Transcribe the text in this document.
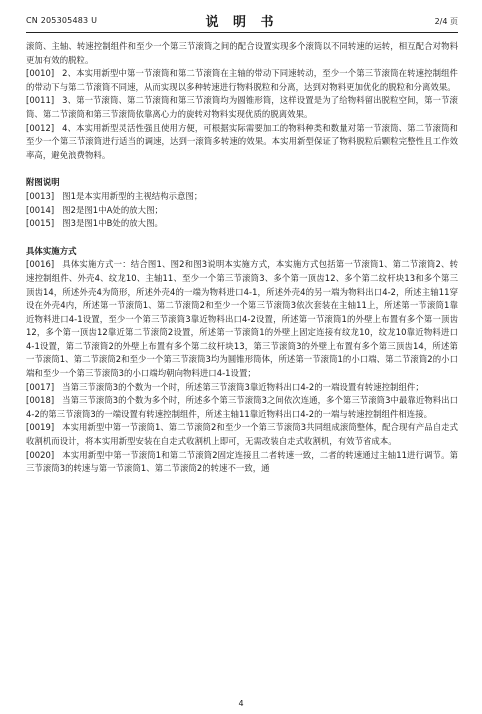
CN 205305483 U	说 明 书	2/4 页

滚筒、主轴、转速控制组件和至少一个第三节滚筒之间的配合设置实现多个滚筒以不同转速的运转，相互配合对物料更加有效的脱粒。

[0010] 2、本实用新型中第一节滚筒和第二节滚筒在主轴的带动下同速转动，至少一个第三节滚筒在转速控制组件的带动下与第二节滚筒不同速，从而实现以多种转速进行物料脱粒和分离，达到对物料更加优化的脱粒和分离效果。

[0011] 3、第一节滚筒、第二节滚筒和第三节滚筒均为圆锥形筒，这样设置是为了给物料留出脱粒空间，第一节滚筒、第二节滚筒和第三节滚筒依靠离心力的旋转对物料实现优质的脱离效果。

[0012] 4、本实用新型灵活性强且使用方便，可根据实际需要加工的物料种类和数量对第一节滚筒、第二节滚筒和至少一个第三节滚筒进行适当的调速，达到一滚筒多转速的效果。本实用新型保证了物料脱粒后颗粒完整性且工作效率高，避免浪费物料。

附图说明

[0013] 图1是本实用新型的主视结构示意图；

[0014] 图2是图1中A处的放大图；

[0015] 图3是图1中B处的放大图。

具体实施方式

[0016] 具体实施方式一：结合图1、图2和图3说明本实施方式，本实施方式包括第一节滚筒1、第二节滚筒2、转速控制组件、外壳4、纹龙10、主轴11、至少一个第三节滚筒3、多个第一顶齿12、多个第二纹杆块13和多个第三顶齿14，所述外壳4为筒形，所述外壳4的一端为物料进口4-1，所述外壳4的另一端为物料出口4-2，所述主轴11穿设在外壳4内，所述第一节滚筒1、第二节滚筒2和至少一个第三节滚筒3依次套装在主轴11上，所述第一节滚筒1靠近物料进口4-1设置，至少一个第三节滚筒3靠近物料出口4-2设置，所述第一节滚筒1的外壁上布置有多个第一顶齿12，多个第一顶齿12靠近第二节滚筒2设置，所述第一节滚筒1的外壁上固定连接有纹龙10，纹龙10靠近物料进口4-1设置，第二节滚筒2的外壁上布置有多个第二纹杆块13，第三节滚筒3的外壁上布置有多个第三顶齿14，所述第一节滚筒1、第二节滚筒2和至少一个第三节滚筒3均为圆锥形筒体，所述第一节滚筒1的小口端、第二节滚筒2的小口端和至少一个第三节滚筒3的小口端均朝向物料进口4-1设置；

[0017] 当第三节滚筒3的个数为一个时，所述第三节滚筒3靠近物料出口4-2的一端设置有转速控制组件；

[0018] 当第三节滚筒3的个数为多个时，所述多个第三节滚筒3之间依次连通，多个第三节滚筒3中最靠近物料出口4-2的第三节滚筒3的一端设置有转速控制组件，所述主轴11靠近物料出口4-2的一端与转速控制组件相连接。

[0019] 本实用新型中第一节滚筒1、第二节滚筒2和至少一个第三节滚筒3共同组成滚筒整体，配合现有产品自走式收割机而设计，将本实用新型安装在自走式收割机上即可，无需改装自走式收割机，有效节省成本。

[0020] 本实用新型中第一节滚筒1和第二节滚筒2固定连接且二者转速一致，二者的转速通过主轴11进行调节。第三节滚筒3的转速与第一节滚筒1、第二节滚筒2的转速不一致，通

4
